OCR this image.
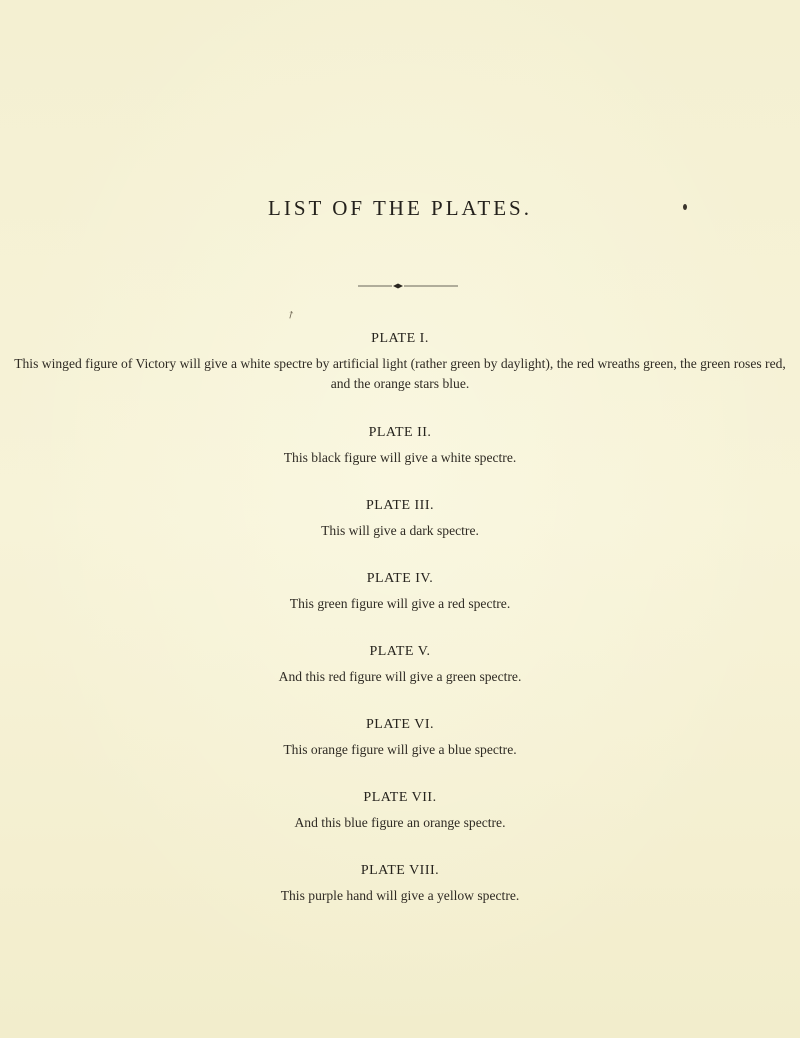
LIST OF THE PLATES.
↗
PLATE I.
This winged figure of Victory will give a white spectre by artificial light (rather green by daylight), the red wreaths green, the green roses red, and the orange stars blue.
PLATE II.
This black figure will give a white spectre.
PLATE III.
This will give a dark spectre.
PLATE IV.
This green figure will give a red spectre.
PLATE V.
And this red figure will give a green spectre.
PLATE VI.
This orange figure will give a blue spectre.
PLATE VII.
And this blue figure an orange spectre.
PLATE VIII.
This purple hand will give a yellow spectre.
